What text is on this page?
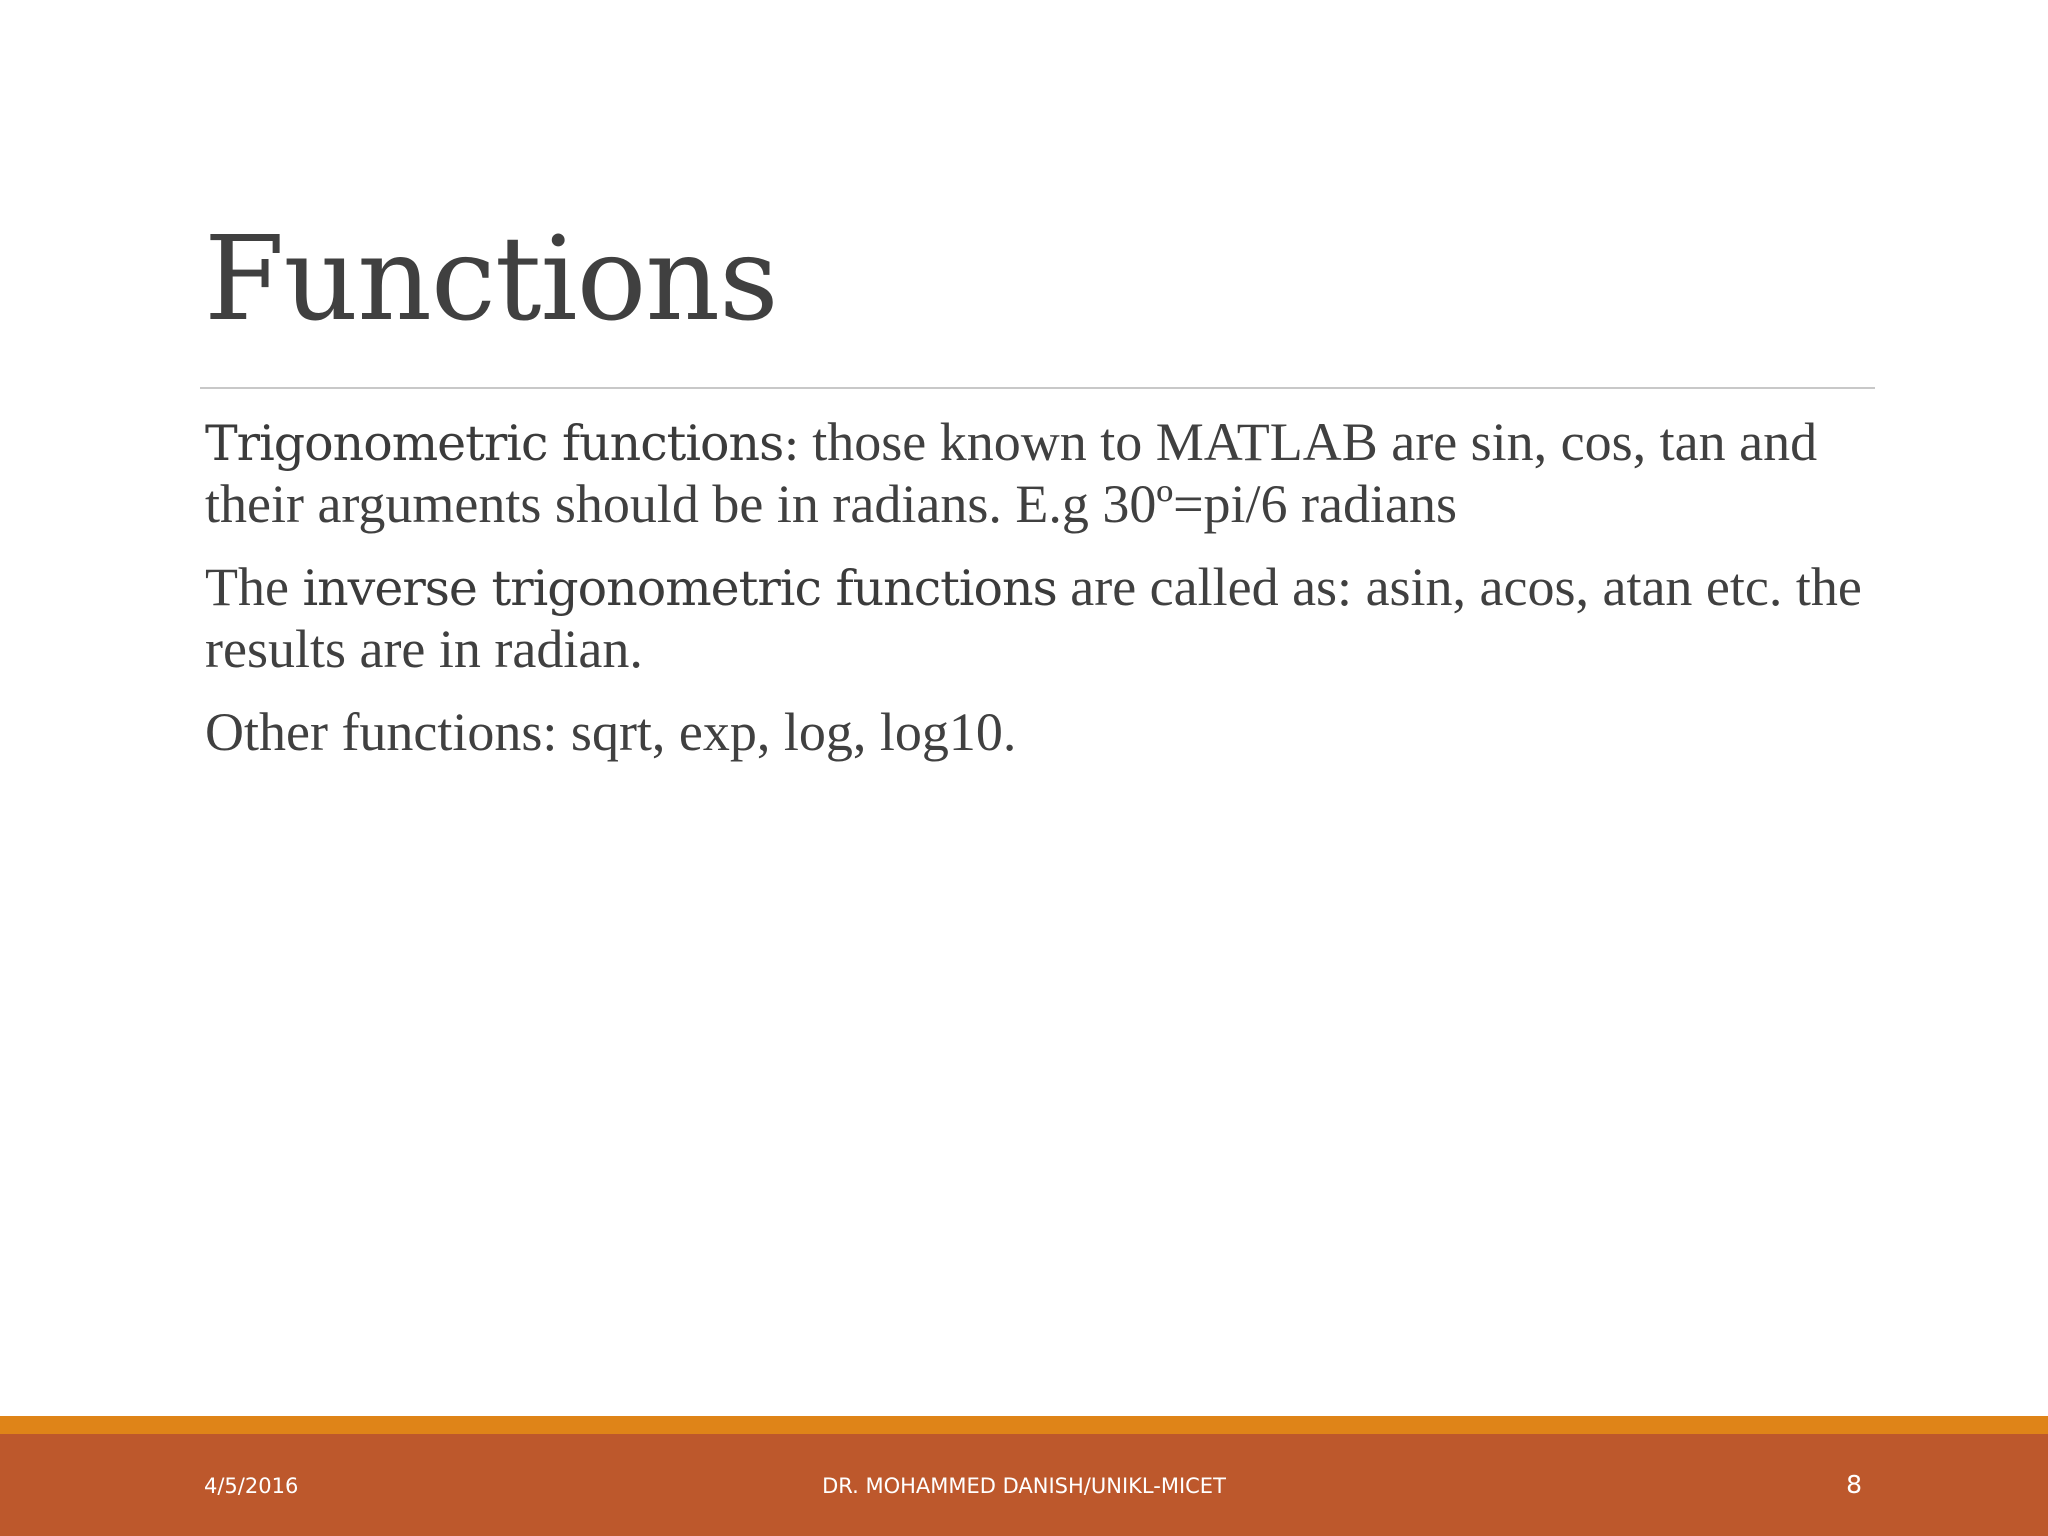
Functions

Trigonometric functions: those known to MATLAB are sin, cos, tan and their arguments should be in radians. E.g 30º=pi/6 radians

The inverse trigonometric functions are called as: asin, acos, atan etc. the results are in radian.

Other functions: sqrt, exp, log, log10.

4/5/2016	DR. MOHAMMED DANISH/UNIKL-MICET	8
